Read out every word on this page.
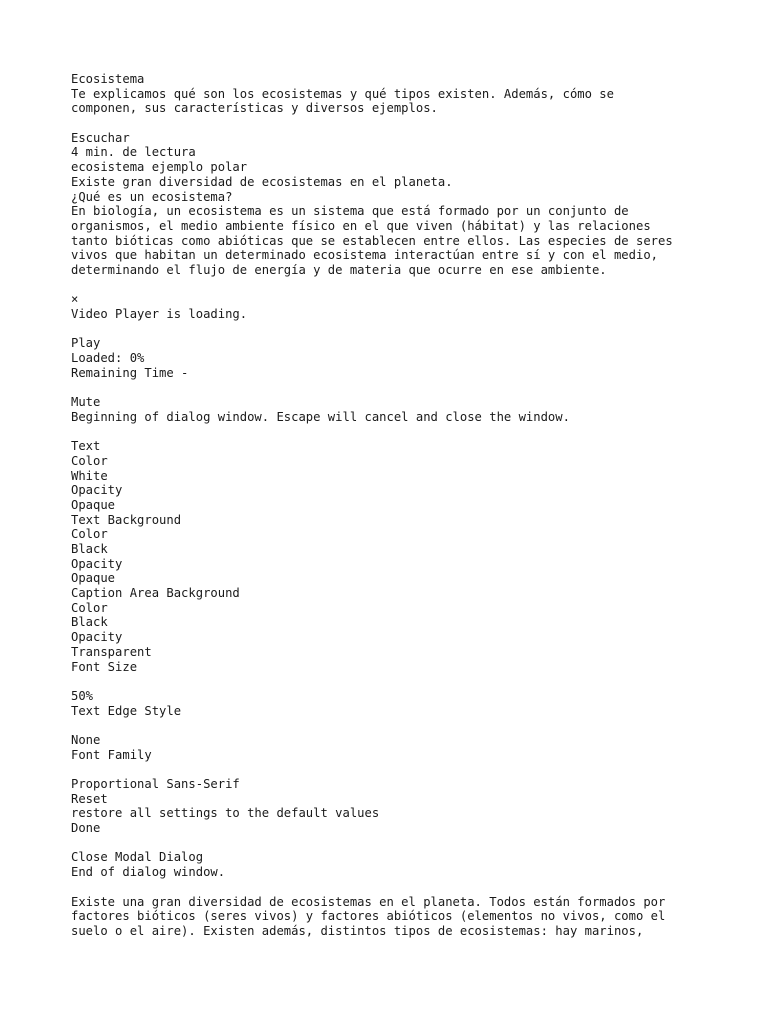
Ecosistema
Te explicamos qué son los ecosistemas y qué tipos existen. Además, cómo se
componen, sus características y diversos ejemplos.
Escuchar
4 min. de lectura
ecosistema ejemplo polar
Existe gran diversidad de ecosistemas en el planeta.
¿Qué es un ecosistema?
En biología, un ecosistema es un sistema que está formado por un conjunto de
organismos, el medio ambiente físico en el que viven (hábitat) y las relaciones
tanto bióticas como abióticas que se establecen entre ellos. Las especies de seres
vivos que habitan un determinado ecosistema interactúan entre sí y con el medio,
determinando el flujo de energía y de materia que ocurre en ese ambiente.
×
Video Player is loading.
Play
Loaded: 0%
Remaining Time -
Mute
Beginning of dialog window. Escape will cancel and close the window.
Text
Color
White
Opacity
Opaque
Text Background
Color
Black
Opacity
Opaque
Caption Area Background
Color
Black
Opacity
Transparent
Font Size
50%
Text Edge Style
None
Font Family
Proportional Sans-Serif
Reset
restore all settings to the default values
Done
Close Modal Dialog
End of dialog window.
Existe una gran diversidad de ecosistemas en el planeta. Todos están formados por
factores bióticos (seres vivos) y factores abióticos (elementos no vivos, como el
suelo o el aire). Existen además, distintos tipos de ecosistemas: hay marinos,
